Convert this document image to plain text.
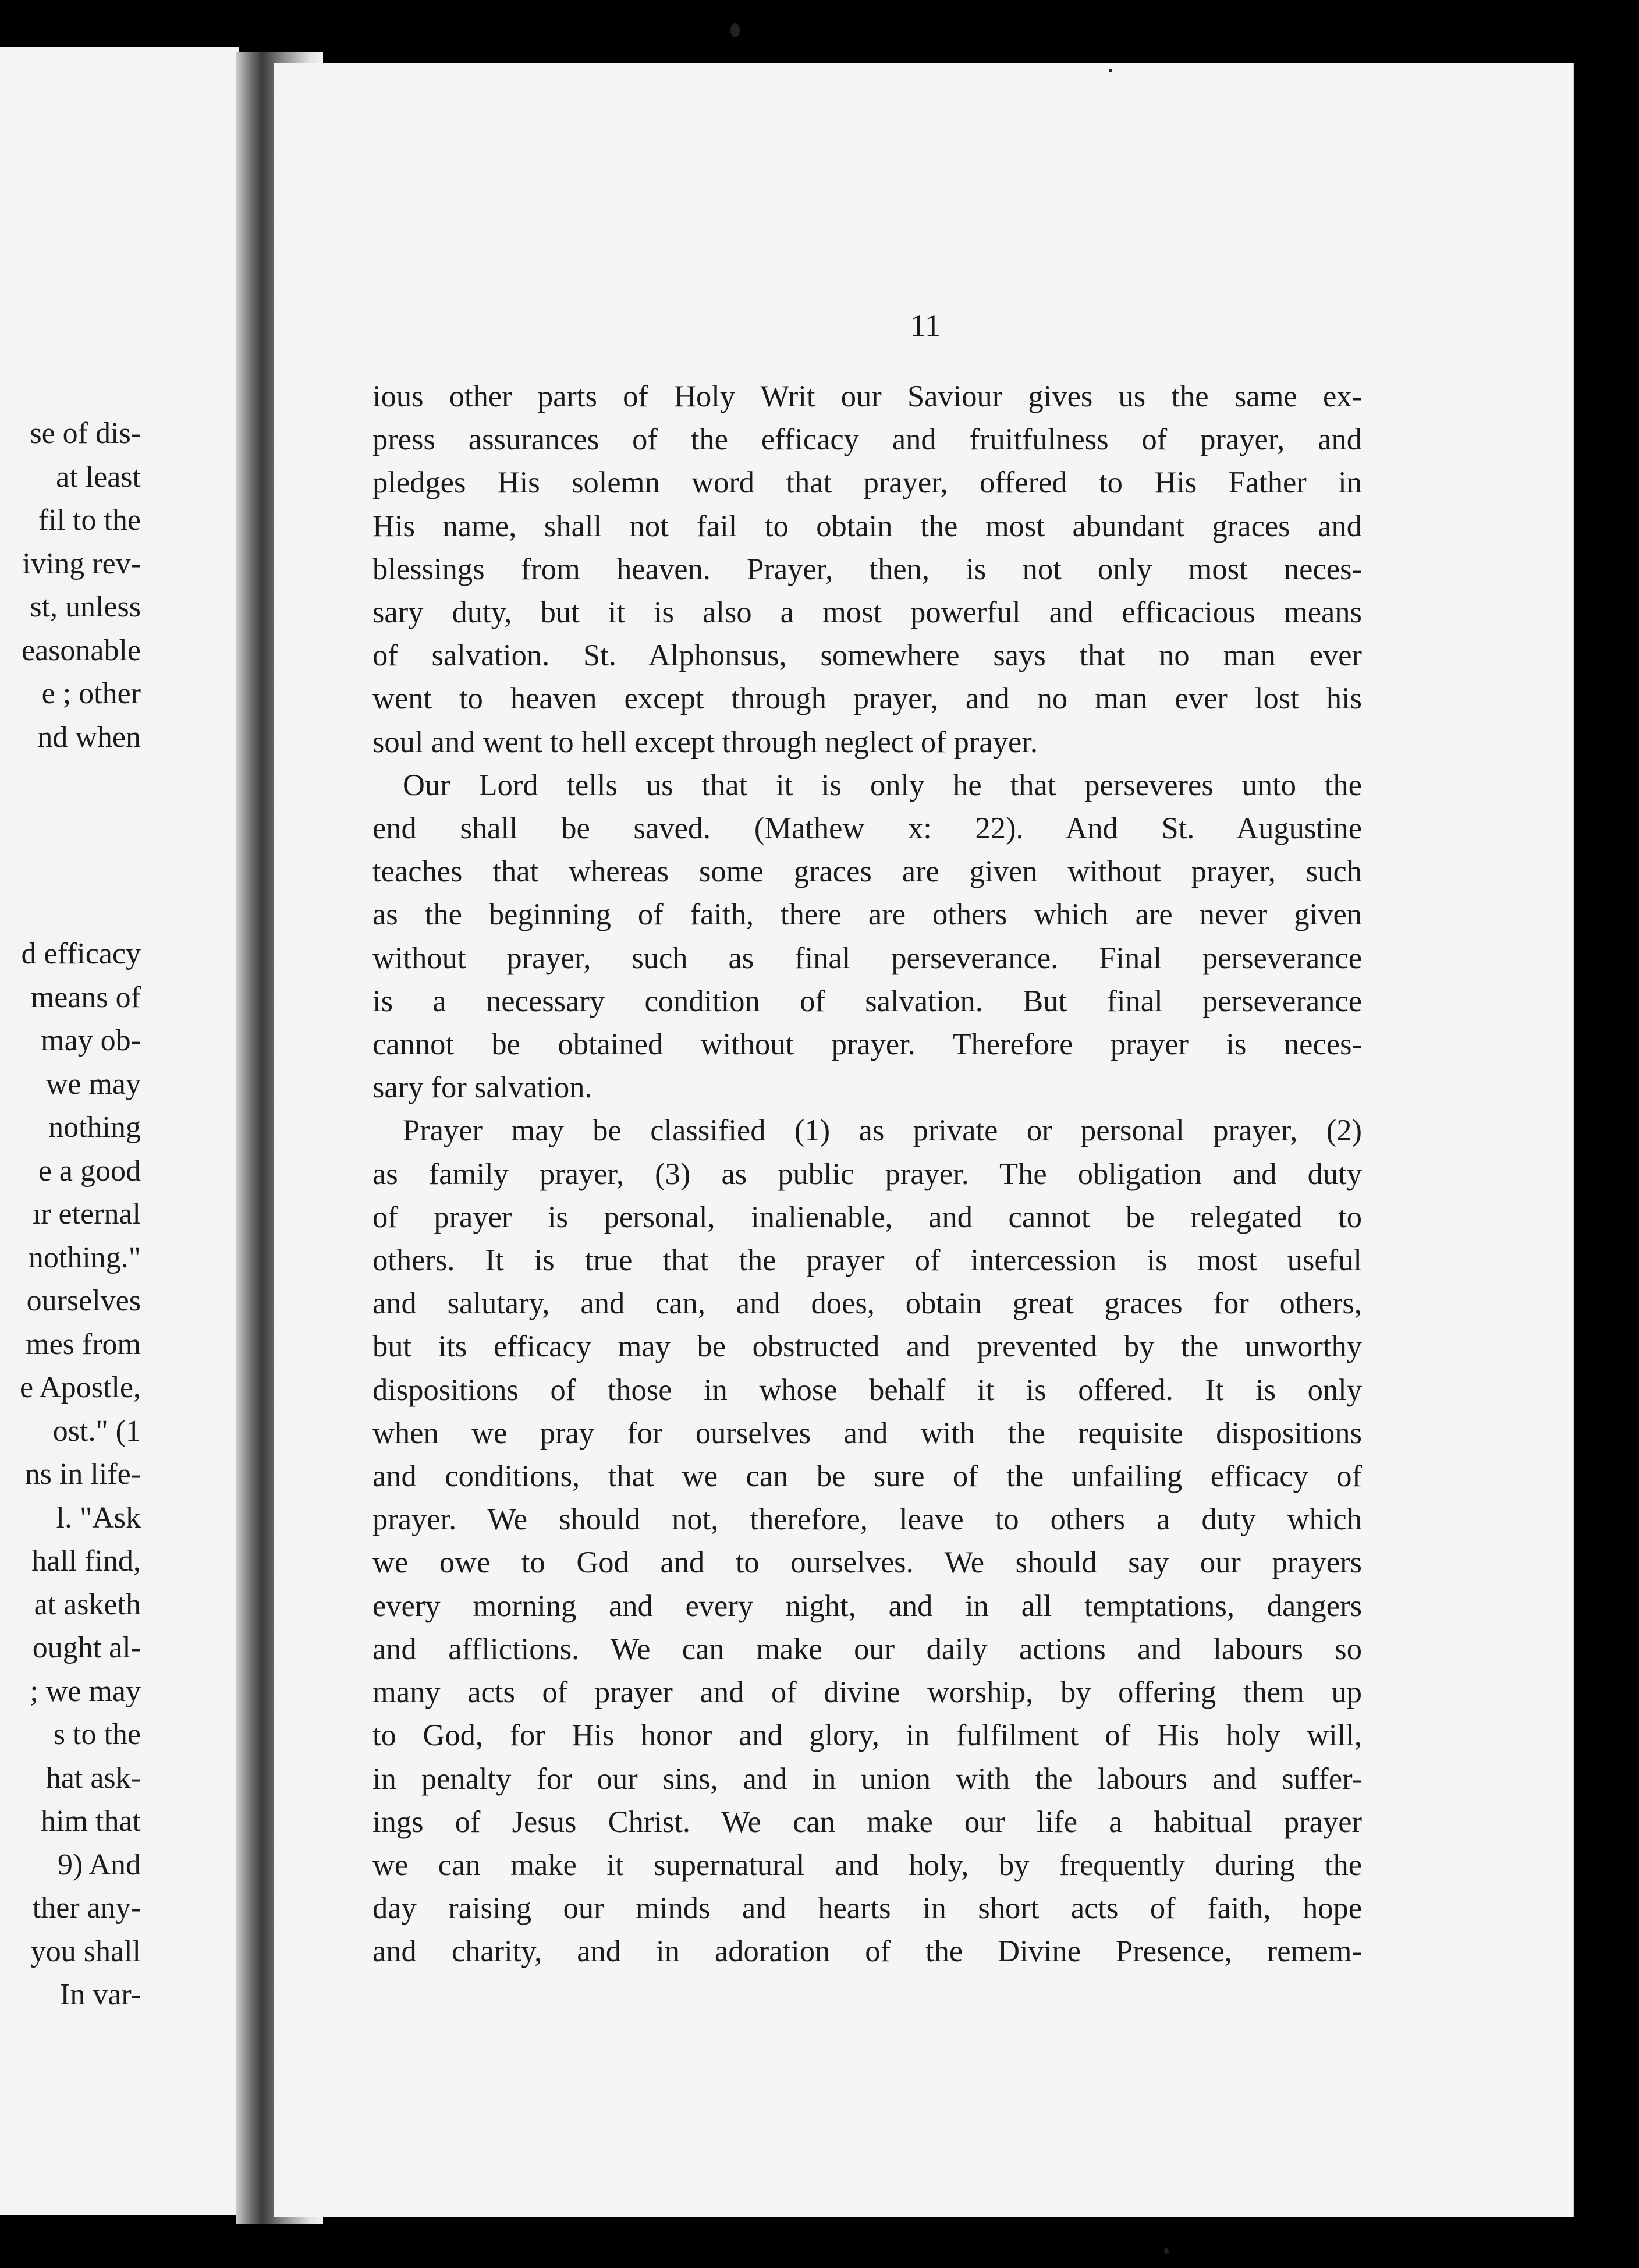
se of dis-
at least
fil to the
iving rev-
st, unless
easonable
e ; other
nd when
d efficacy
means of
may ob-
we may
nothing
e a good
ır eternal
nothing."
ourselves
mes from
e Apostle,
ost." (1
ns in life-
l. "Ask
hall find,
at asketh
ought al-
; we may
s to the
hat ask-
him that
9) And
ther any-
you shall
In var-
11
ious other parts of Holy Writ our Saviour gives us the same ex-
press assurances of the efficacy and fruitfulness of prayer, and
pledges His solemn word that prayer, offered to His Father in
His name, shall not fail to obtain the most abundant graces and
blessings from heaven. Prayer, then, is not only most neces-
sary duty, but it is also a most powerful and efficacious means
of salvation. St. Alphonsus, somewhere says that no man ever
went to heaven except through prayer, and no man ever lost his
soul and went to hell except through neglect of prayer.
Our Lord tells us that it is only he that perseveres unto the
end shall be saved. (Mathew x: 22). And St. Augustine
teaches that whereas some graces are given without prayer, such
as the beginning of faith, there are others which are never given
without prayer, such as final perseverance. Final perseverance
is a necessary condition of salvation. But final perseverance
cannot be obtained without prayer. Therefore prayer is neces-
sary for salvation.
Prayer may be classified (1) as private or personal prayer, (2)
as family prayer, (3) as public prayer. The obligation and duty
of prayer is personal, inalienable, and cannot be relegated to
others. It is true that the prayer of intercession is most useful
and salutary, and can, and does, obtain great graces for others,
but its efficacy may be obstructed and prevented by the unworthy
dispositions of those in whose behalf it is offered. It is only
when we pray for ourselves and with the requisite dispositions
and conditions, that we can be sure of the unfailing efficacy of
prayer. We should not, therefore, leave to others a duty which
we owe to God and to ourselves. We should say our prayers
every morning and every night, and in all temptations, dangers
and afflictions. We can make our daily actions and labours so
many acts of prayer and of divine worship, by offering them up
to God, for His honor and glory, in fulfilment of His holy will,
in penalty for our sins, and in union with the labours and suffer-
ings of Jesus Christ. We can make our life a habitual prayer
we can make it supernatural and holy, by frequently during the
day raising our minds and hearts in short acts of faith, hope
and charity, and in adoration of the Divine Presence, remem-
